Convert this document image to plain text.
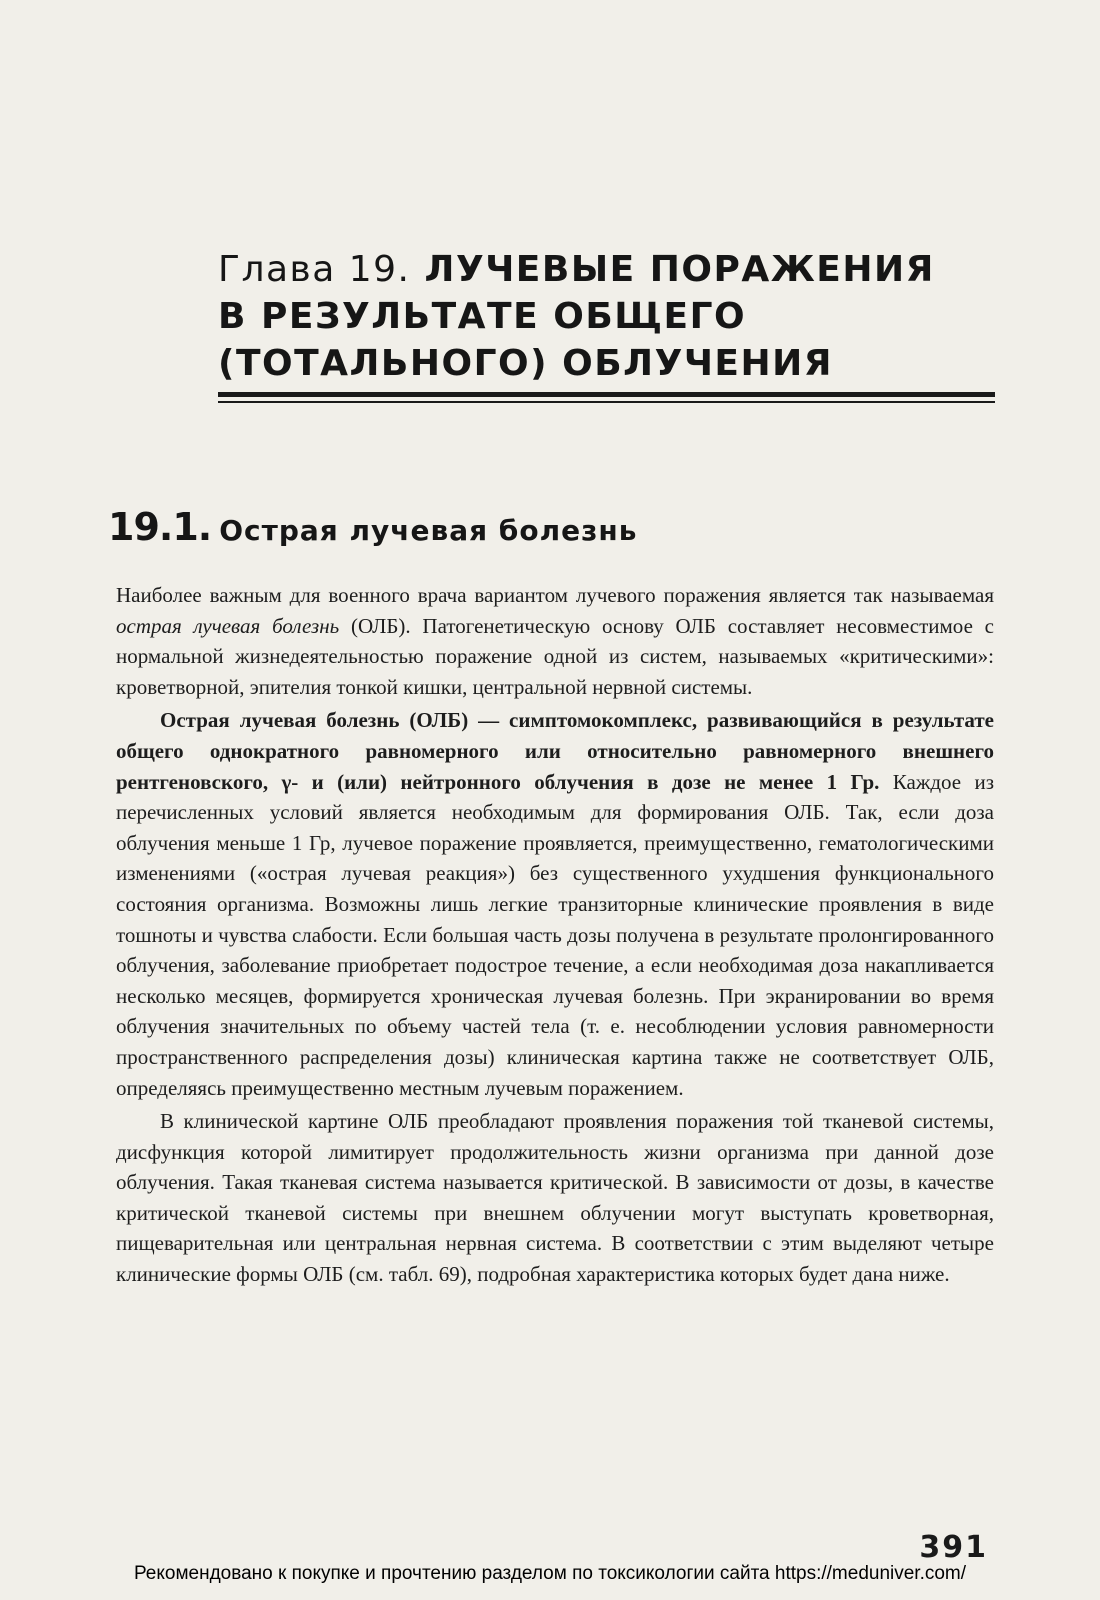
Глава 19. ЛУЧЕВЫЕ ПОРАЖЕНИЯ
В РЕЗУЛЬТАТЕ ОБЩЕГО
(ТОТАЛЬНОГО) ОБЛУЧЕНИЯ
19.1. Острая лучевая болезнь

Наиболее важным для военного врача вариантом лучевого поражения является так называемая острая лучевая болезнь (ОЛБ). Патогенетическую основу ОЛБ составляет несовместимое с нормальной жизнедеятельностью поражение одной из систем, называемых «критическими»: кроветворной, эпителия тонкой кишки, центральной нервной системы.

Острая лучевая болезнь (ОЛБ) — симптомокомплекс, развивающийся в результате общего однократного равномерного или относительно равномерного внешнего рентгеновского, γ- и (или) нейтронного облучения в дозе не менее 1 Гр. Каждое из перечисленных условий является необходимым для формирования ОЛБ. Так, если доза облучения меньше 1 Гр, лучевое поражение проявляется, преимущественно, гематологическими изменениями («острая лучевая реакция») без существенного ухудшения функционального состояния организма. Возможны лишь легкие транзиторные клинические проявления в виде тошноты и чувства слабости. Если большая часть дозы получена в результате пролонгированного облучения, заболевание приобретает подострое течение, а если необходимая доза накапливается несколько месяцев, формируется хроническая лучевая болезнь. При экранировании во время облучения значительных по объему частей тела (т. е. несоблюдении условия равномерности пространственного распределения дозы) клиническая картина также не соответствует ОЛБ, определяясь преимущественно местным лучевым поражением.

В клинической картине ОЛБ преобладают проявления поражения той тканевой системы, дисфункция которой лимитирует продолжительность жизни организма при данной дозе облучения. Такая тканевая система называется критической. В зависимости от дозы, в качестве критической тканевой системы при внешнем облучении могут выступать кроветворная, пищеварительная или центральная нервная система. В соответствии с этим выделяют четыре клинические формы ОЛБ (см. табл. 69), подробная характеристика которых будет дана ниже.

391
Рекомендовано к покупке и прочтению разделом по токсикологии сайта https://meduniver.com/
